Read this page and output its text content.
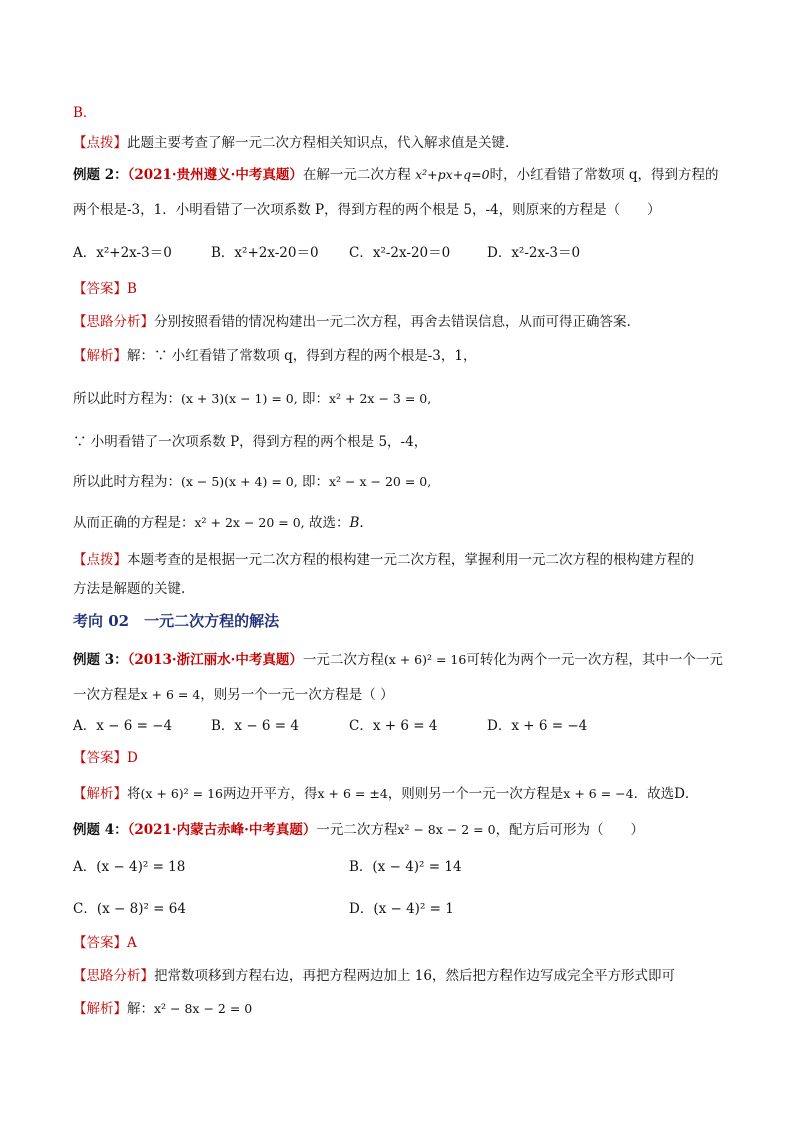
B．
【点拨】此题主要考查了解一元二次方程相关知识点，代入解求值是关键．
例题 2：（2021·贵州遵义·中考真题）在解一元二次方程 x²+px+q=0时，小红看错了常数项 q，得到方程的
两个根是-3，1．小明看错了一次项系数 P，得到方程的两个根是 5，-4，则原来的方程是（　　）
A．x²+2x-3＝0	B．x²+2x-20＝0 C．x²-2x-20＝0	D．x²-2x-3＝0
【答案】B
【思路分析】分别按照看错的情况构建出一元二次方程，再舍去错误信息，从而可得正确答案.
【解析】解：∵ 小红看错了常数项 q，得到方程的两个根是-3，1，
所以此时方程为：(x + 3)(x − 1) = 0, 即：x² + 2x − 3 = 0,
∵ 小明看错了一次项系数 P，得到方程的两个根是 5，-4，
所以此时方程为：(x − 5)(x + 4) = 0, 即：x² − x − 20 = 0,
从而正确的方程是：x² + 2x − 20 = 0, 故选：B.
【点拨】本题考查的是根据一元二次方程的根构建一元二次方程，掌握利用一元二次方程的根构建方程的
方法是解题的关键.
考向 02　一元二次方程的解法
例题 3：（2013·浙江丽水·中考真题）一元二次方程(x + 6)² = 16可转化为两个一元一次方程，其中一个一元
一次方程是x + 6 = 4，则另一个一元一次方程是（ ）
A．x − 6 = −4	B．x − 6 = 4	C．x + 6 = 4	D．x + 6 = −4
【答案】D
【解析】将(x + 6)² = 16两边开平方，得x + 6 = ±4，则则另一个一元一次方程是x + 6 = −4．故选D．
例题 4：（2021·内蒙古赤峰·中考真题）一元二次方程x² − 8x − 2 = 0，配方后可形为（　　）
A．(x − 4)² = 18	B．(x − 4)² = 14
C．(x − 8)² = 64	D．(x − 4)² = 1
【答案】A
【思路分析】把常数项移到方程右边，再把方程两边加上 16，然后把方程作边写成完全平方形式即可
【解析】解：x² − 8x − 2 = 0
